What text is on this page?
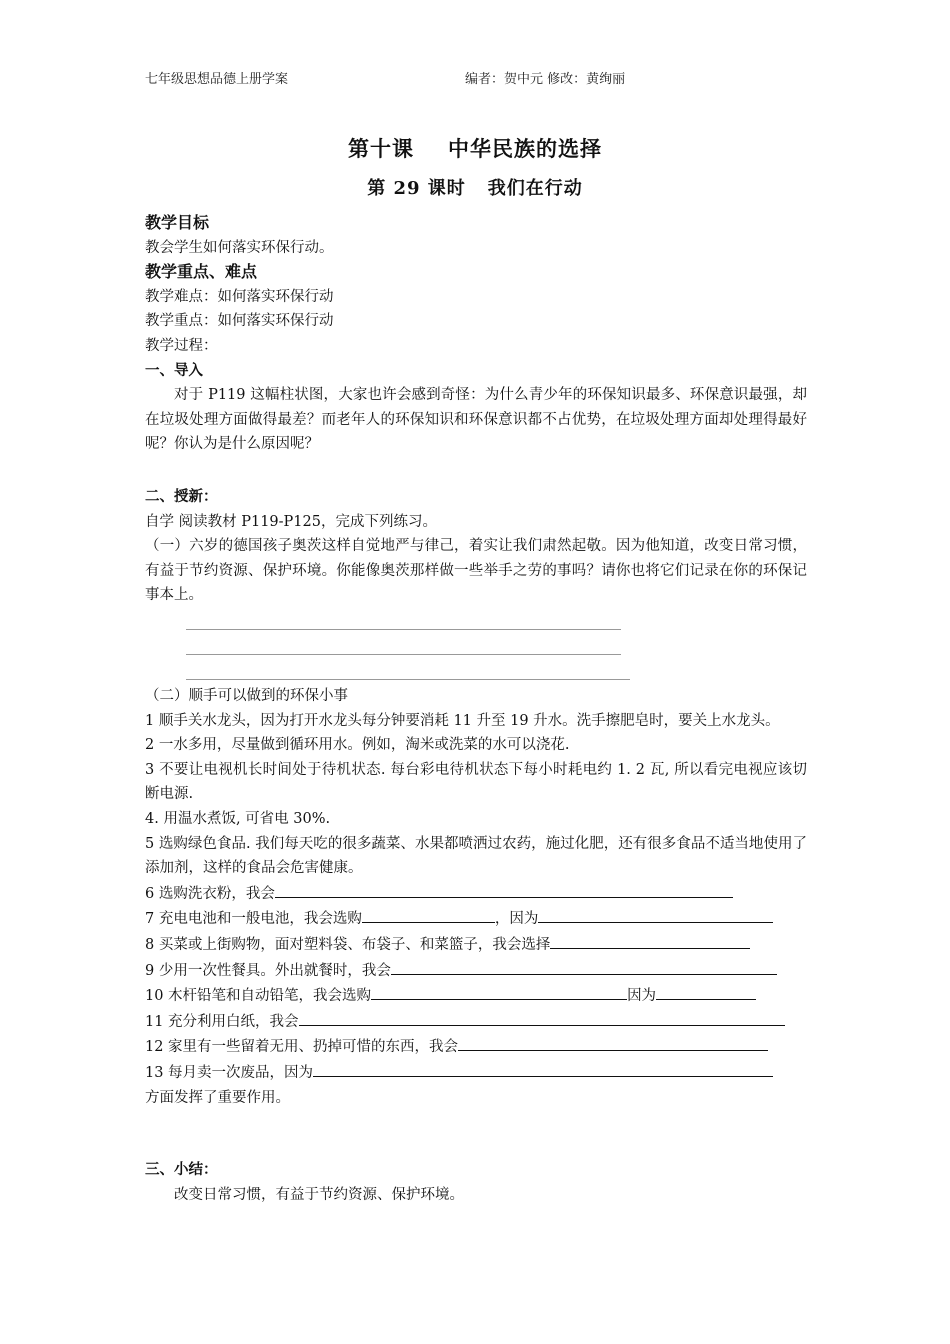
七年级思想品德上册学案	编者：贺中元 修改：黄绚丽
第十课 中华民族的选择
第 29 课时 我们在行动
教学目标
教会学生如何落实环保行动。
教学重点、难点
教学难点：如何落实环保行动
教学重点：如何落实环保行动
教学过程：
一、导入
对于 P119 这幅柱状图，大家也许会感到奇怪：为什么青少年的环保知识最多、环保意识最强，却在垃圾处理方面做得最差？而老年人的环保知识和环保意识都不占优势，在垃圾处理方面却处理得最好呢？你认为是什么原因呢？
二、授新：
自学 阅读教材 P119-P125，完成下列练习。
（一）六岁的德国孩子奥茨这样自觉地严与律己，着实让我们肃然起敬。因为他知道，改变日常习惯，有益于节约资源、保护环境。你能像奥茨那样做一些举手之劳的事吗？请你也将它们记录在你的环保记事本上。
（二）顺手可以做到的环保小事
1 顺手关水龙头，因为打开水龙头每分钟要消耗 11 升至 19 升水。洗手擦肥皂时，要关上水龙头。
2 一水多用，尽量做到循环用水。例如，淘米或洗菜的水可以浇花.
3 不要让电视机长时间处于待机状态. 每台彩电待机状态下每小时耗电约 1. 2 瓦, 所以看完电视应该切断电源.
4. 用温水煮饭, 可省电 30%.
5 选购绿色食品. 我们每天吃的很多蔬菜、水果都喷洒过农药，施过化肥，还有很多食品不适当地使用了添加剂，这样的食品会危害健康。
6 选购洗衣粉，我会
7 充电电池和一般电池，我会选购	，因为
8 买菜或上街购物，面对塑料袋、布袋子、和菜篮子，我会选择
9 少用一次性餐具。外出就餐时，我会
10 木杆铅笔和自动铅笔，我会选购	因为
11 充分利用白纸，我会
12 家里有一些留着无用、扔掉可惜的东西，我会
13 每月卖一次废品，因为
方面发挥了重要作用。
三、小结：
改变日常习惯，有益于节约资源、保护环境。
